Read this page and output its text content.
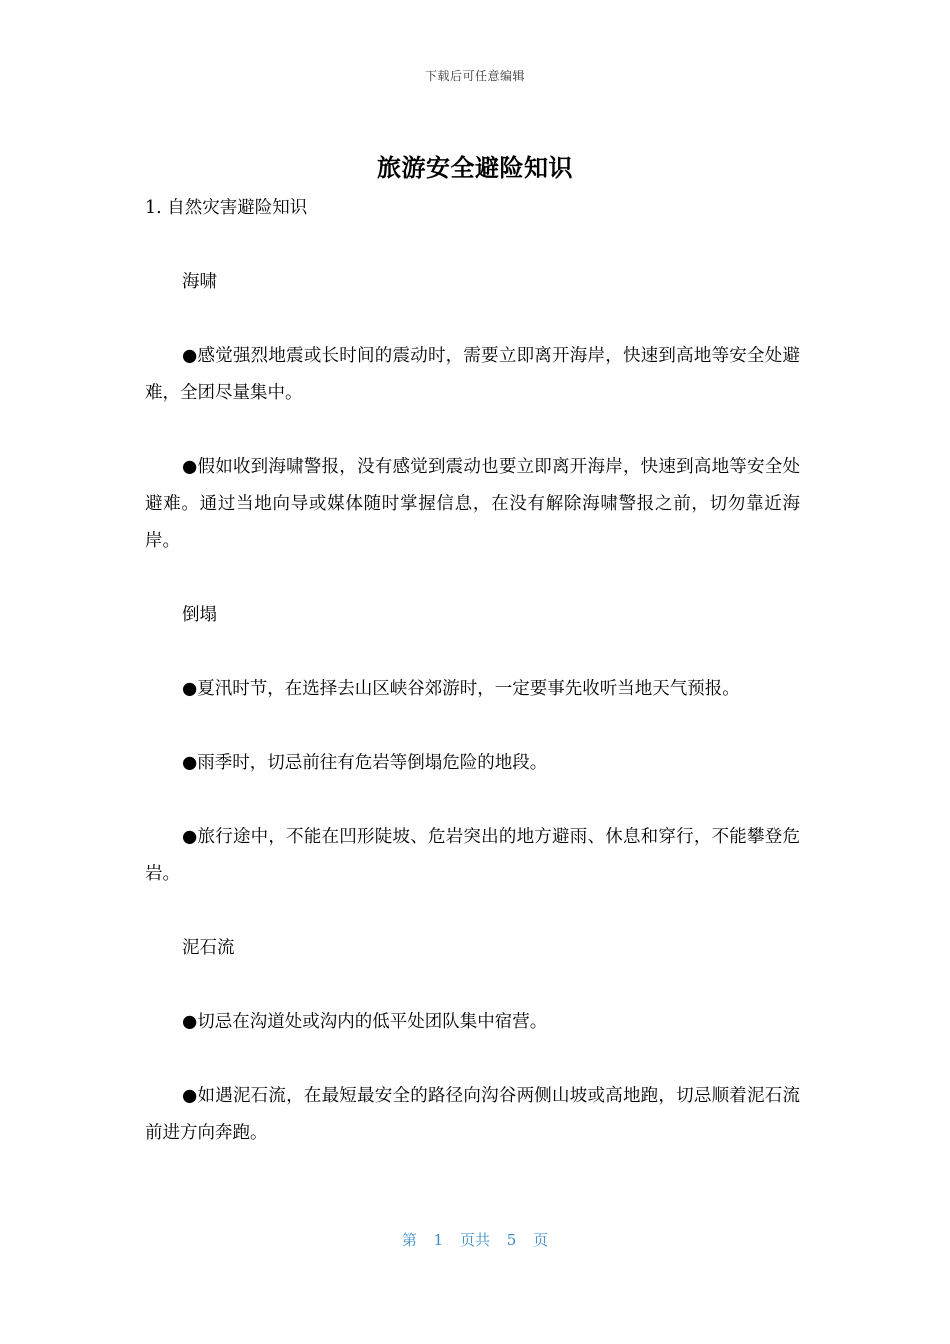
下载后可任意编辑
旅游安全避险知识

1. 自然灾害避险知识

海啸

●感觉强烈地震或长时间的震动时，需要立即离开海岸，快速到高地等安全处避难，全团尽量集中。

●假如收到海啸警报，没有感觉到震动也要立即离开海岸，快速到高地等安全处避难。通过当地向导或媒体随时掌握信息，在没有解除海啸警报之前，切勿靠近海岸。

倒塌

●夏汛时节，在选择去山区峡谷郊游时，一定要事先收听当地天气预报。

●雨季时，切忌前往有危岩等倒塌危险的地段。

●旅行途中，不能在凹形陡坡、危岩突出的地方避雨、休息和穿行，不能攀登危岩。

泥石流

●切忌在沟道处或沟内的低平处团队集中宿营。

●如遇泥石流，在最短最安全的路径向沟谷两侧山坡或高地跑，切忌顺着泥石流前进方向奔跑。

第 1 页共 5 页
